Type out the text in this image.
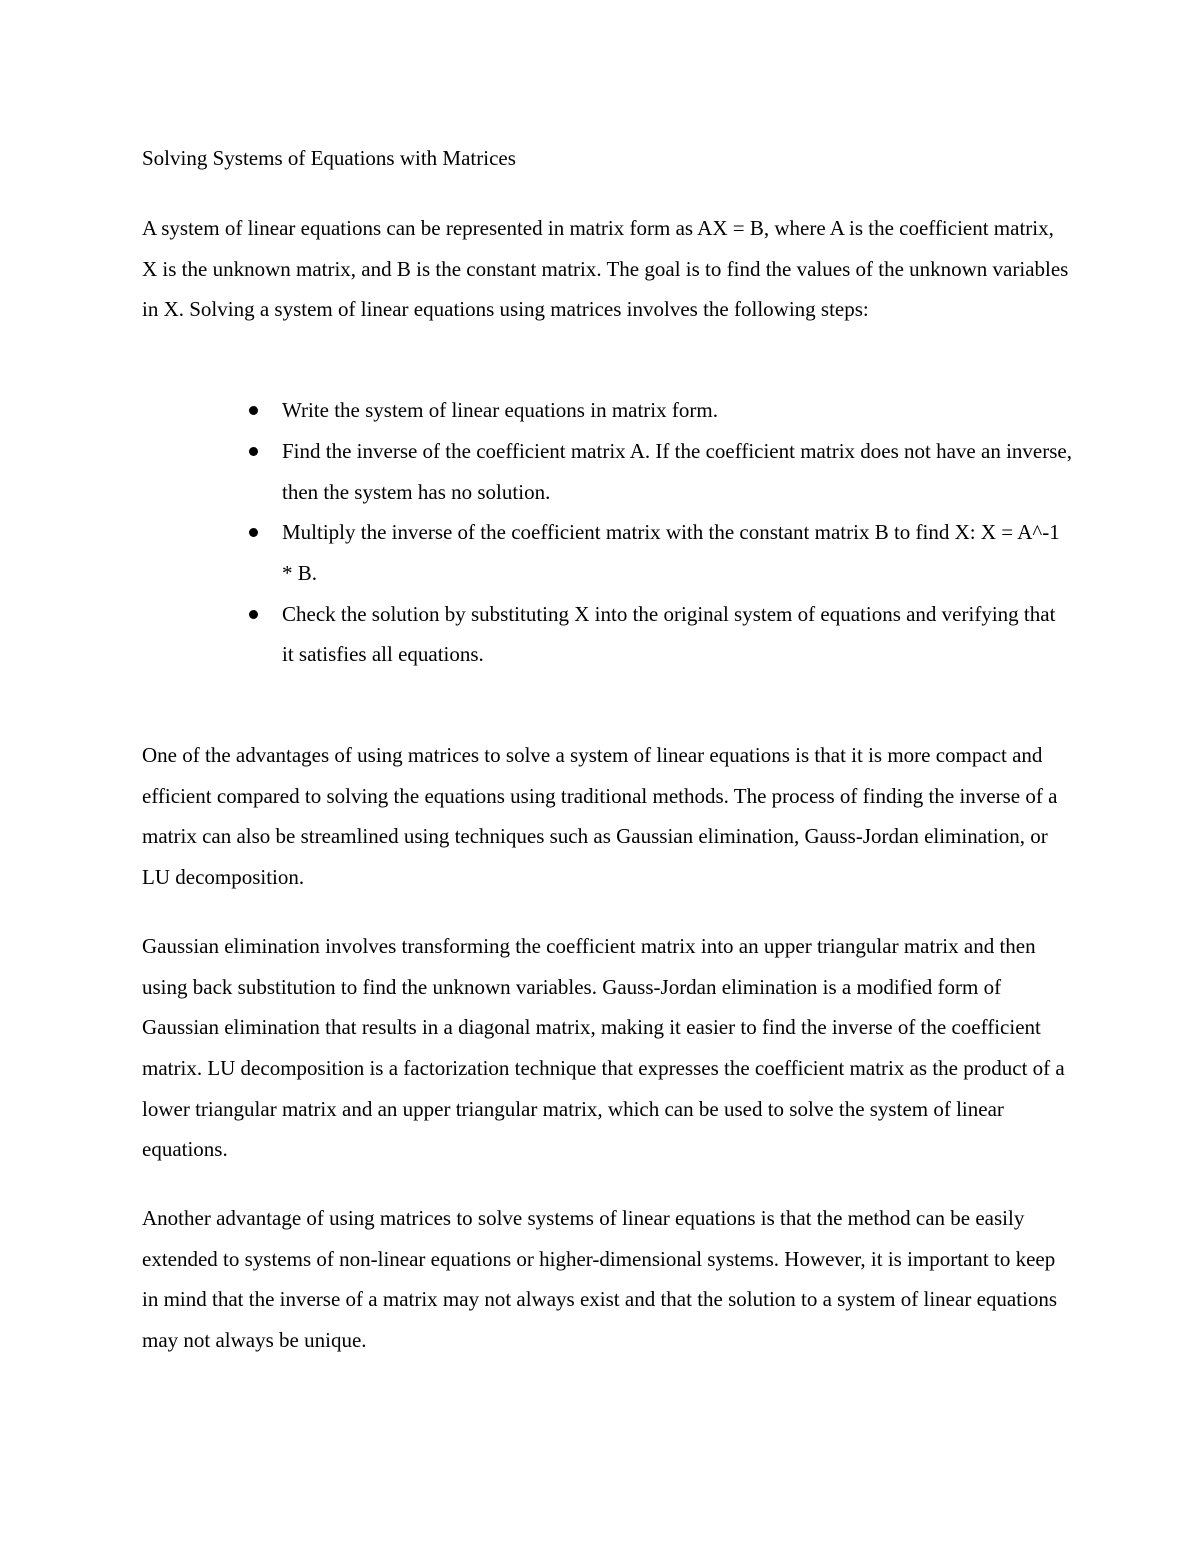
Solving Systems of Equations with Matrices

A system of linear equations can be represented in matrix form as AX = B, where A is the coefficient matrix, X is the unknown matrix, and B is the constant matrix. The goal is to find the values of the unknown variables in X. Solving a system of linear equations using matrices involves the following steps:

Write the system of linear equations in matrix form.
Find the inverse of the coefficient matrix A. If the coefficient matrix does not have an inverse, then the system has no solution.
Multiply the inverse of the coefficient matrix with the constant matrix B to find X: X = A^-1 * B.
Check the solution by substituting X into the original system of equations and verifying that it satisfies all equations.

One of the advantages of using matrices to solve a system of linear equations is that it is more compact and efficient compared to solving the equations using traditional methods. The process of finding the inverse of a matrix can also be streamlined using techniques such as Gaussian elimination, Gauss-Jordan elimination, or LU decomposition.

Gaussian elimination involves transforming the coefficient matrix into an upper triangular matrix and then using back substitution to find the unknown variables. Gauss-Jordan elimination is a modified form of Gaussian elimination that results in a diagonal matrix, making it easier to find the inverse of the coefficient matrix. LU decomposition is a factorization technique that expresses the coefficient matrix as the product of a lower triangular matrix and an upper triangular matrix, which can be used to solve the system of linear equations.

Another advantage of using matrices to solve systems of linear equations is that the method can be easily extended to systems of non-linear equations or higher-dimensional systems. However, it is important to keep in mind that the inverse of a matrix may not always exist and that the solution to a system of linear equations may not always be unique.
